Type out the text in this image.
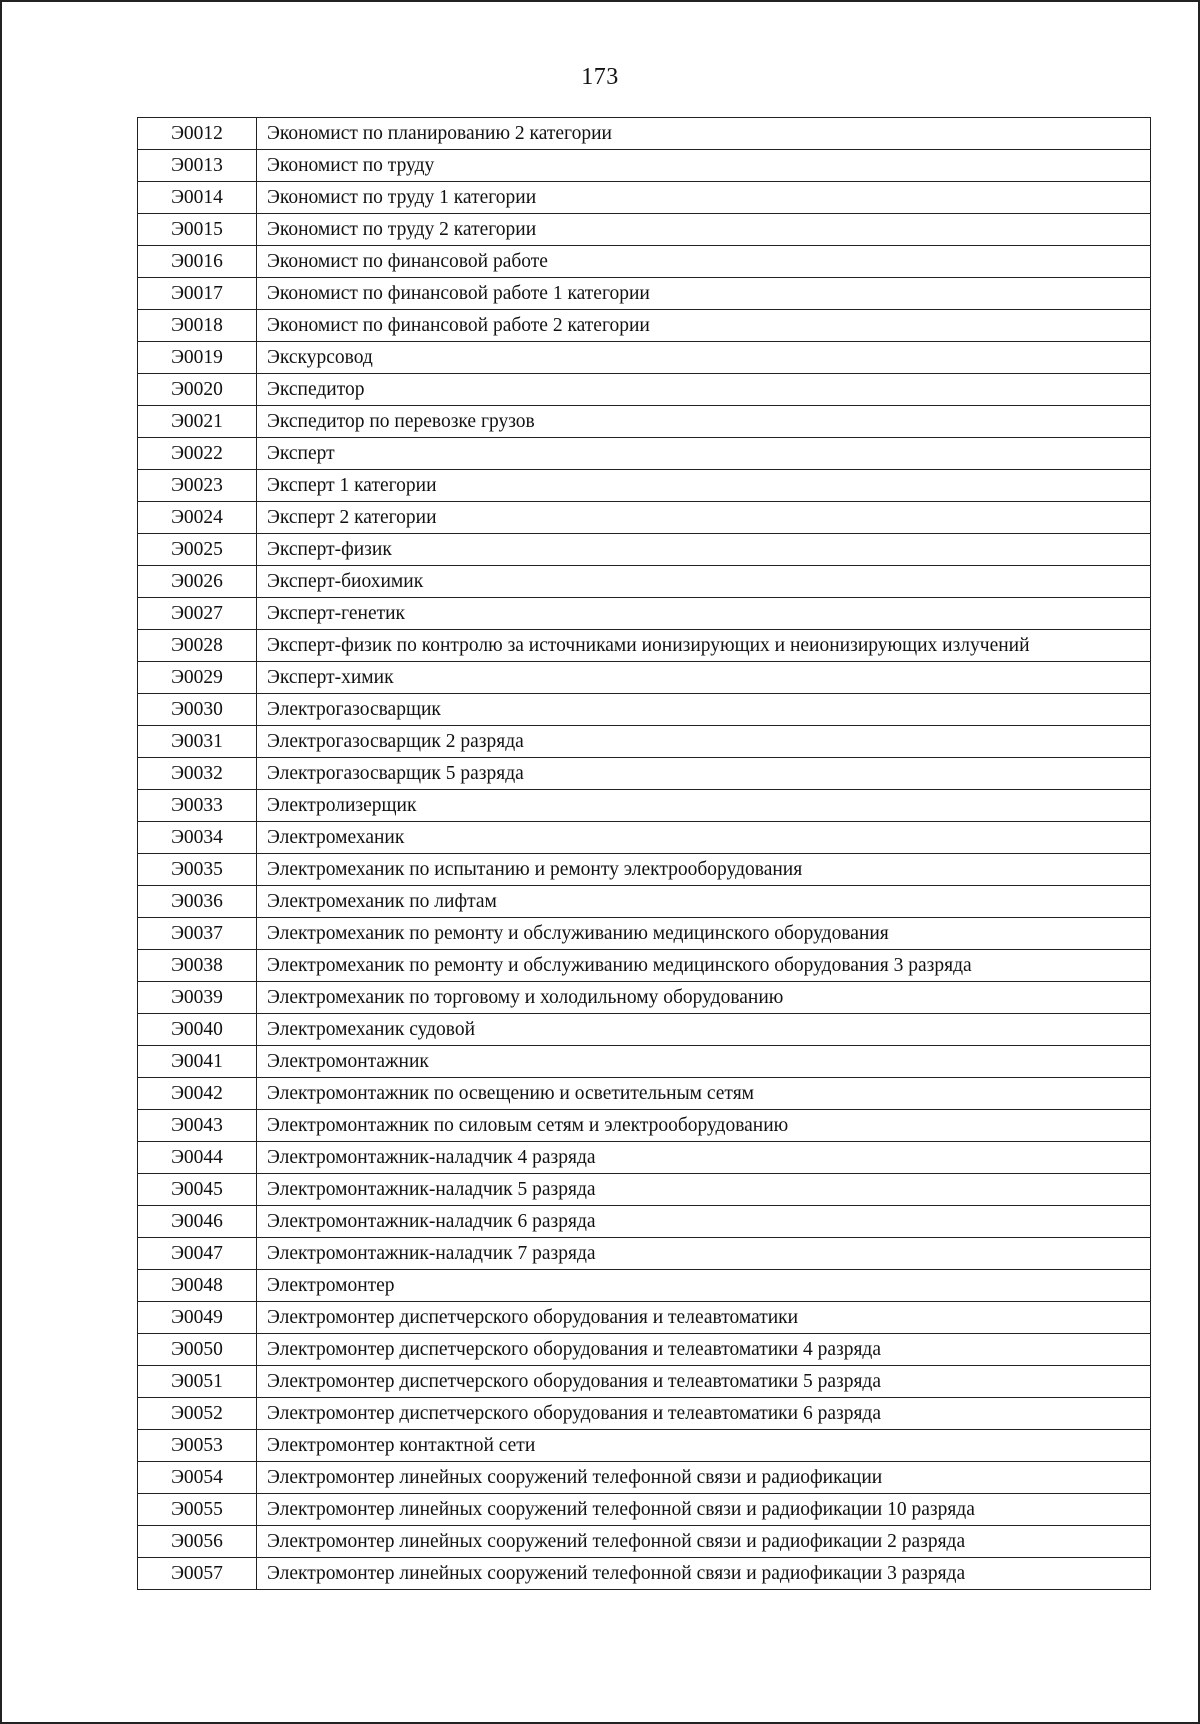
173
Э0012	Экономист по планированию 2 категории
Э0013	Экономист по труду
Э0014	Экономист по труду 1 категории
Э0015	Экономист по труду 2 категории
Э0016	Экономист по финансовой работе
Э0017	Экономист по финансовой работе 1 категории
Э0018	Экономист по финансовой работе 2 категории
Э0019	Экскурсовод
Э0020	Экспедитор
Э0021	Экспедитор по перевозке грузов
Э0022	Эксперт
Э0023	Эксперт 1 категории
Э0024	Эксперт 2 категории
Э0025	Эксперт-физик
Э0026	Эксперт-биохимик
Э0027	Эксперт-генетик
Э0028	Эксперт-физик по контролю за источниками ионизирующих и неионизирующих излучений
Э0029	Эксперт-химик
Э0030	Электрогазосварщик
Э0031	Электрогазосварщик 2 разряда
Э0032	Электрогазосварщик 5 разряда
Э0033	Электролизерщик
Э0034	Электромеханик
Э0035	Электромеханик по испытанию и ремонту электрооборудования
Э0036	Электромеханик по лифтам
Э0037	Электромеханик по ремонту и обслуживанию медицинского оборудования
Э0038	Электромеханик по ремонту и обслуживанию медицинского оборудования 3 разряда
Э0039	Электромеханик по торговому и холодильному оборудованию
Э0040	Электромеханик судовой
Э0041	Электромонтажник
Э0042	Электромонтажник по освещению и осветительным сетям
Э0043	Электромонтажник по силовым сетям и электрооборудованию
Э0044	Электромонтажник-наладчик 4 разряда
Э0045	Электромонтажник-наладчик 5 разряда
Э0046	Электромонтажник-наладчик 6 разряда
Э0047	Электромонтажник-наладчик 7 разряда
Э0048	Электромонтер
Э0049	Электромонтер диспетчерского оборудования и телеавтоматики
Э0050	Электромонтер диспетчерского оборудования и телеавтоматики 4 разряда
Э0051	Электромонтер диспетчерского оборудования и телеавтоматики 5 разряда
Э0052	Электромонтер диспетчерского оборудования и телеавтоматики 6 разряда
Э0053	Электромонтер контактной сети
Э0054	Электромонтер линейных сооружений телефонной связи и радиофикации
Э0055	Электромонтер линейных сооружений телефонной связи и радиофикации 10 разряда
Э0056	Электромонтер линейных сооружений телефонной связи и радиофикации 2 разряда
Э0057	Электромонтер линейных сооружений телефонной связи и радиофикации 3 разряда
